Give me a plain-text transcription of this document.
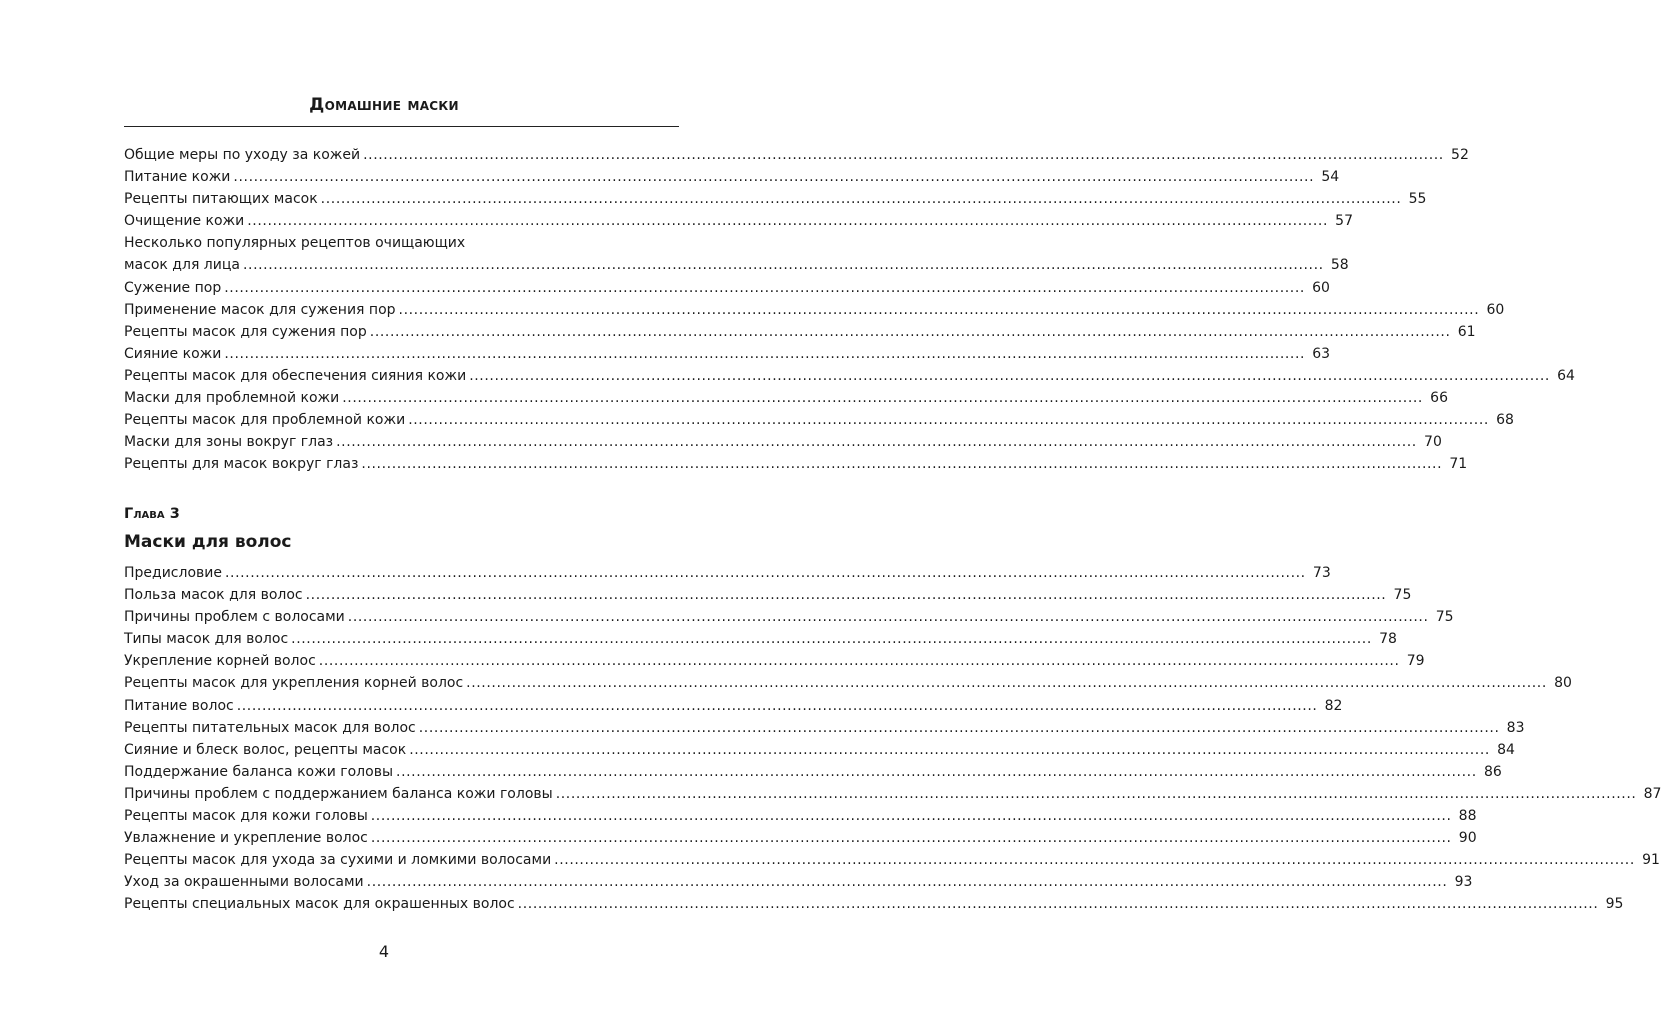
Домашние маски
Общие меры по уходу за кожей .....	52
Питание кожи .....	54
Рецепты питающих масок .....	55
Очищение кожи .....	57
Несколько популярных рецептов очищающих
масок для лица .....	58
Сужение пор .....	60
Применение масок для сужения пор .....	60
Рецепты масок для сужения пор .....	61
Сияние кожи .....	63
Рецепты масок для обеспечения сияния кожи .....	64
Маски для проблемной кожи .....	66
Рецепты масок для проблемной кожи .....	68
Маски для зоны вокруг глаз .....	70
Рецепты для масок вокруг глаз .....	71
Глава 3
Маски для волос
Предисловие .....	73
Польза масок для волос .....	75
Причины проблем с волосами .....	75
Типы масок для волос .....	78
Укрепление корней волос .....	79
Рецепты масок для укрепления корней волос .....	80
Питание волос .....	82
Рецепты питательных масок для волос .....	83
Сияние и блеск волос, рецепты масок .....	84
Поддержание баланса кожи головы .....	86
Причины проблем с поддержанием баланса кожи головы .....	87
Рецепты масок для кожи головы .....	88
Увлажнение и укрепление волос .....	90
Рецепты масок для ухода за сухими и ломкими волосами .....	91
Уход за окрашенными волосами .....	93
Рецепты специальных масок для окрашенных волос .....	95
4
